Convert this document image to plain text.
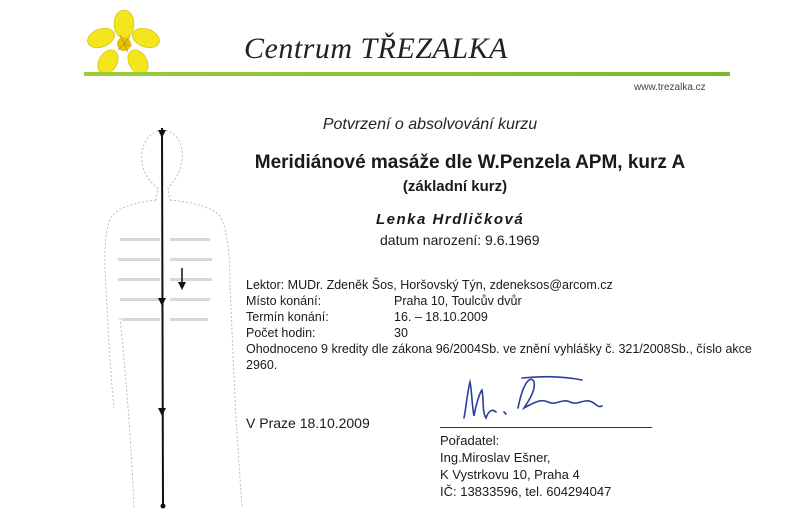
Centrum TŘEZALKA
www.trezalka.cz
Potvrzení o absolvování kurzu
Meridiánové masáže dle W.Penzela APM, kurz A
(základní kurz)
Lenka Hrdličková
datum narození: 9.6.1969
Lektor: MUDr. Zdeněk Šos, Horšovský Týn, zdeneksos@arcom.cz
Místo konání:	Praha 10, Toulcův dvůr
Termín konání:	16. – 18.10.2009
Počet hodin:	30
Ohodnoceno 9 kredity dle zákona 96/2004Sb. ve znění vyhlášky č. 321/2008Sb., číslo akce 2960.
V Praze 18.10.2009
Pořadatel:
Ing.Miroslav Ešner,
K Vystrkovu 10, Praha 4
IČ: 13833596, tel. 604294047
